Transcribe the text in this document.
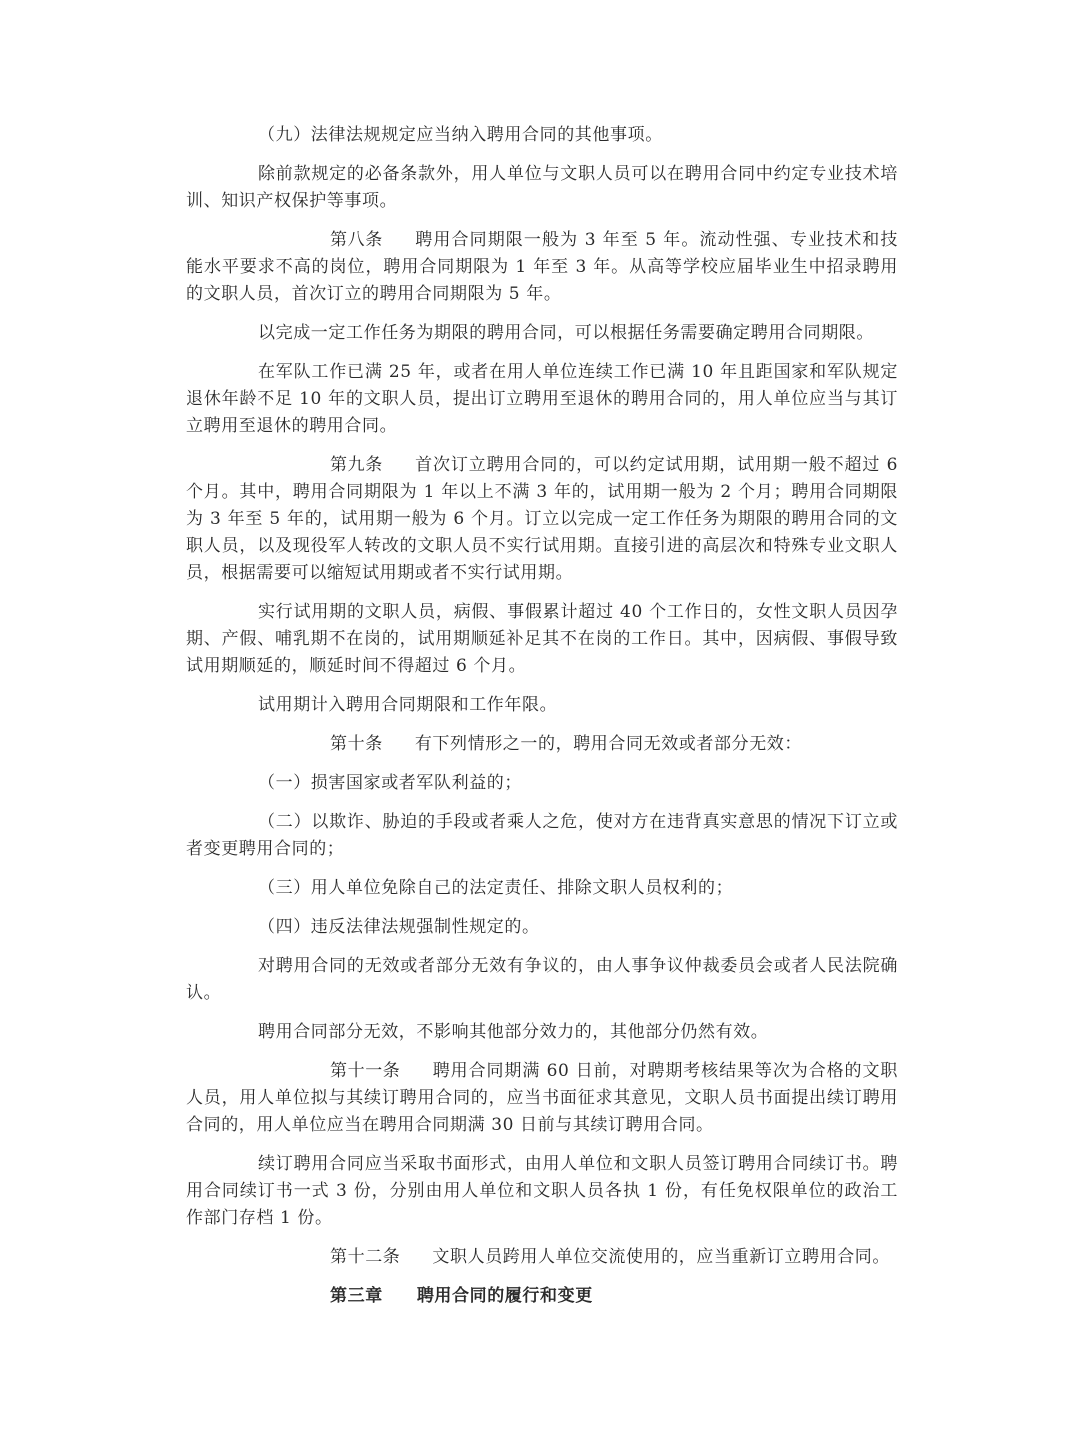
（九）法律法规规定应当纳入聘用合同的其他事项。

除前款规定的必备条款外，用人单位与文职人员可以在聘用合同中约定专业技术培训、知识产权保护等事项。

第八条 聘用合同期限一般为 3 年至 5 年。流动性强、专业技术和技能水平要求不高的岗位，聘用合同期限为 1 年至 3 年。从高等学校应届毕业生中招录聘用的文职人员，首次订立的聘用合同期限为 5 年。

以完成一定工作任务为期限的聘用合同，可以根据任务需要确定聘用合同期限。

在军队工作已满 25 年，或者在用人单位连续工作已满 10 年且距国家和军队规定退休年龄不足 10 年的文职人员，提出订立聘用至退休的聘用合同的，用人单位应当与其订立聘用至退休的聘用合同。

第九条 首次订立聘用合同的，可以约定试用期，试用期一般不超过 6 个月。其中，聘用合同期限为 1 年以上不满 3 年的，试用期一般为 2 个月；聘用合同期限为 3 年至 5 年的，试用期一般为 6 个月。订立以完成一定工作任务为期限的聘用合同的文职人员，以及现役军人转改的文职人员不实行试用期。直接引进的高层次和特殊专业文职人员，根据需要可以缩短试用期或者不实行试用期。

实行试用期的文职人员，病假、事假累计超过 40 个工作日的，女性文职人员因孕期、产假、哺乳期不在岗的，试用期顺延补足其不在岗的工作日。其中，因病假、事假导致试用期顺延的，顺延时间不得超过 6 个月。

试用期计入聘用合同期限和工作年限。

第十条 有下列情形之一的，聘用合同无效或者部分无效：

（一）损害国家或者军队利益的；

（二）以欺诈、胁迫的手段或者乘人之危，使对方在违背真实意思的情况下订立或者变更聘用合同的；

（三）用人单位免除自己的法定责任、排除文职人员权利的；

（四）违反法律法规强制性规定的。

对聘用合同的无效或者部分无效有争议的，由人事争议仲裁委员会或者人民法院确认。

聘用合同部分无效，不影响其他部分效力的，其他部分仍然有效。

第十一条 聘用合同期满 60 日前，对聘期考核结果等次为合格的文职人员，用人单位拟与其续订聘用合同的，应当书面征求其意见，文职人员书面提出续订聘用合同的，用人单位应当在聘用合同期满 30 日前与其续订聘用合同。

续订聘用合同应当采取书面形式，由用人单位和文职人员签订聘用合同续订书。聘用合同续订书一式 3 份，分别由用人单位和文职人员各执 1 份，有任免权限单位的政治工作部门存档 1 份。

第十二条 文职人员跨用人单位交流使用的，应当重新订立聘用合同。

第三章 聘用合同的履行和变更
